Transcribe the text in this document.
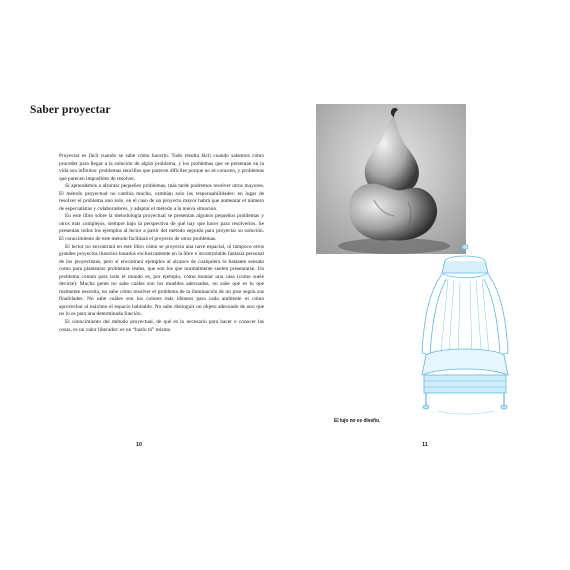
Saber proyectar

Proyectar es fácil cuando se sabe cómo hacerlo. Todo resulta fácil cuando sabemos cómo proceder para llegar a la solución de algún problema, y los problemas que se presentan en la vida son infinitos: problemas sencillos que parecen difíciles porque no se conocen, y problemas que parecen imposibles de resolver.

Si aprendemos a afrontar pequeños problemas, más tarde podremos resolver otros mayores. El método proyectual no cambia mucho, cambian solo las responsabilidades: en lugar de resolver el problema uno solo, en el caso de un proyecto mayor habrá que aumentar el número de especialistas y colaboradores, y adaptar el método a la nueva situación.

En este libro sobre la metodología proyectual se presentan algunos pequeños problemas y otros más complejos, siempre bajo la perspectiva de qué hay que hacer para resolverlos. Se presentan todos los ejemplos al lector a partir del método seguido para proyectar su solución. El conocimiento de este método facilitará el proyecto de otros problemas.

El lector no encontrará en este libro cómo se proyecta una nave espacial, ni tampoco otros grandes proyectos ilusorios basados exclusivamente en la libre e incontrolable fantasía personal de los proyectistas, pero sí encontrará ejemplos al alcance de cualquiera lo bastante sensato como para plantearse problemas reales, que son los que normalmente suelen presentarse. Un problema común para todo el mundo es, por ejemplo, cómo montar una casa (como suele decirse). Mucha gente no sabe cuáles son los muebles adecuados, no sabe qué es lo que realmente necesita, no sabe cómo resolver el problema de la iluminación de un piso según sus finalidades. No sabe cuáles son los colores más idóneos para cada ambiente ni cómo aprovechar al máximo el espacio habitable. No sabe distinguir un objeto adecuado de uno que no lo es para una determinada función.

El conocimiento del método proyectual, de qué es lo necesario para hacer o conocer las cosas, es un valor liberador: es un “hazlo tú” mismo.

10
El lujo no es diseño.
11
